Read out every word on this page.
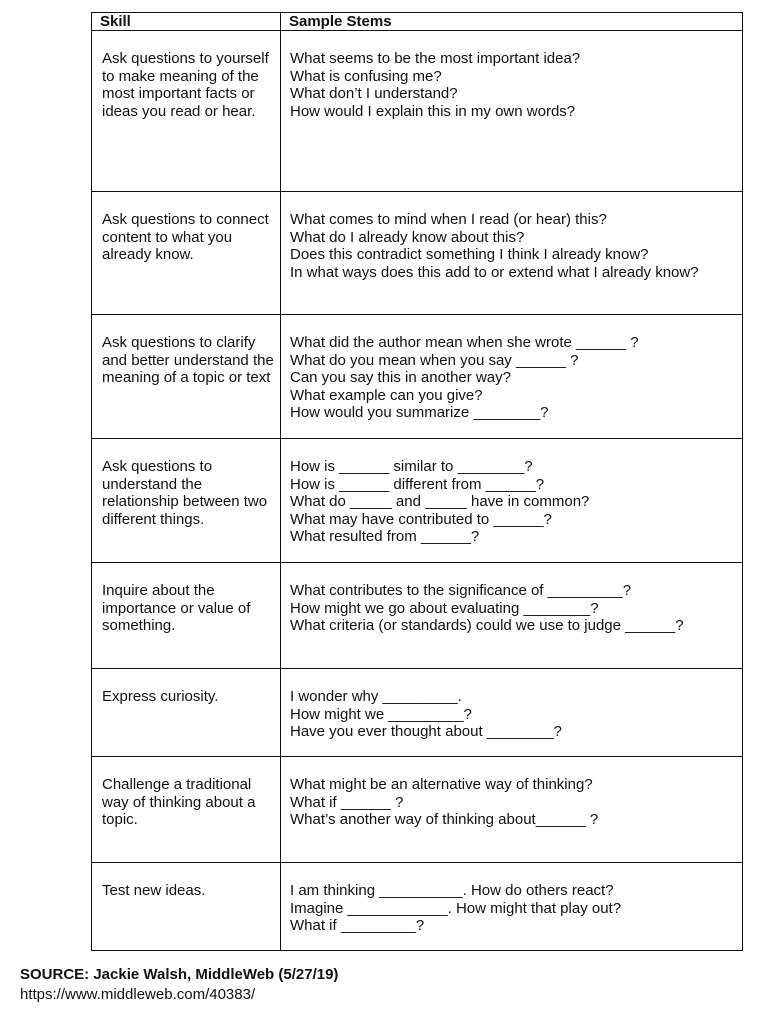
Skill	Sample Stems
Ask questions to yourself to make meaning of the most important facts or ideas you read or hear.	What seems to be the most important idea?
What is confusing me?
What don’t I understand?
How would I explain this in my own words?

Ask questions to connect content to what you already know.	What comes to mind when I read (or hear) this?
What do I already know about this?
Does this contradict something I think I already know?
In what ways does this add to or extend what I already know?

Ask questions to clarify and better understand the meaning of a topic or text	What did the author mean when she wrote ______ ?
What do you mean when you say ______ ?
Can you say this in another way?
What example can you give?
How would you summarize ________?

Ask questions to understand the relationship between two different things.	How is ______ similar to ________?
How is ______ different from ______?
What do _____ and _____ have in common?
What may have contributed to ______?
What resulted from ______?

Inquire about the importance or value of something.	What contributes to the significance of _________?
How might we go about evaluating ________?
What criteria (or standards) could we use to judge ______?

Express curiosity.	I wonder why _________.
How might we _________?
Have you ever thought about ________?

Challenge a traditional way of thinking about a topic.	What might be an alternative way of thinking?
What if ______ ?
What’s another way of thinking about______ ?

Test new ideas.	I am thinking __________. How do others react?
Imagine ____________. How might that play out?
What if _________?
SOURCE: Jackie Walsh, MiddleWeb (5/27/19)
https://www.middleweb.com/40383/
